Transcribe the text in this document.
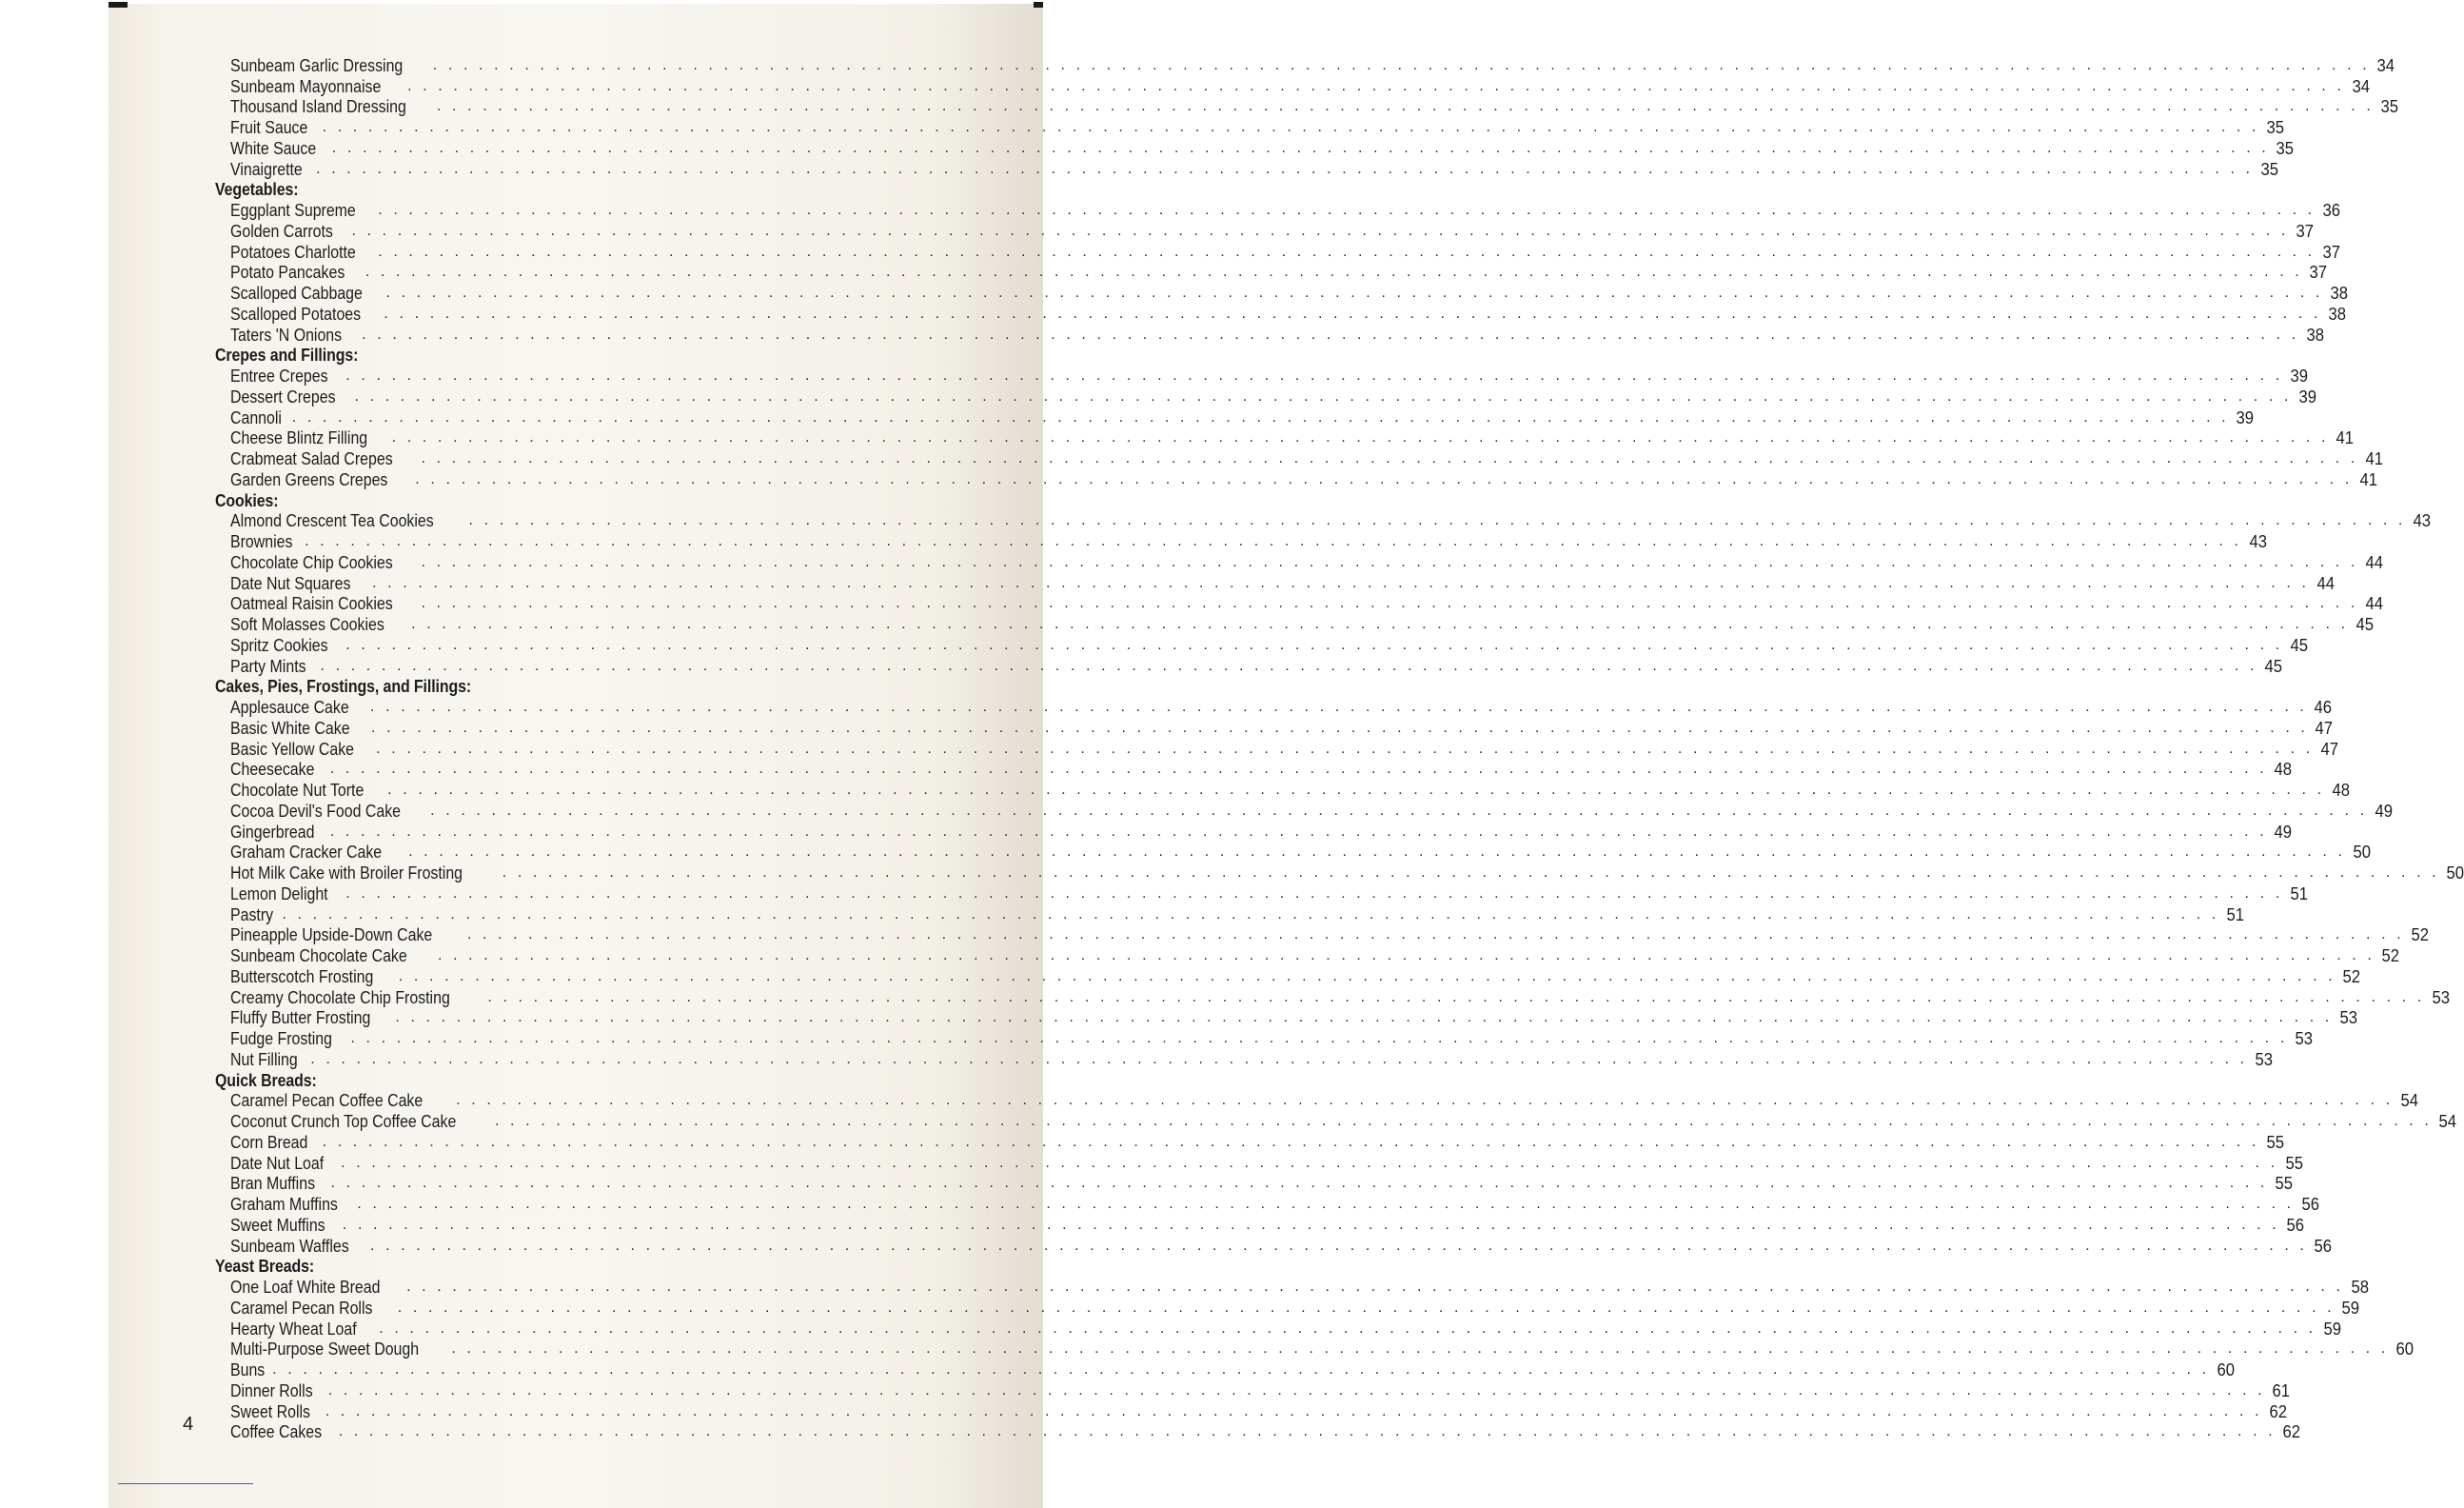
Sunbeam Garlic Dressing . . . . . . . . . . . . . . . . . . . . . . . . . . . . . . . . . . . . . . . . . . . . . . . . . . . . . . . . . . . . . . . . . . . . . . . . . . . . . . . . . . . . . . . . . . . . . . . . . . . . . . . . . . . . . . . . . . . . . . . . . . . . . . . 34
Sunbeam Mayonnaise . . . . . . . . . . . . . . . . . . . . . . . . . . . . . . . . . . . . . . . . . . . . . . . . . . . . . . . . . . . . . . . . . . . . . . . . . . . . . . . . . . . . . . . . . . . . . . . . . . . . . . . . . . . . . . . . . . . . . . . . . . . . . . . 34
Thousand Island Dressing . . . . . . . . . . . . . . . . . . . . . . . . . . . . . . . . . . . . . . . . . . . . . . . . . . . . . . . . . . . . . . . . . . . . . . . . . . . . . . . . . . . . . . . . . . . . . . . . . . . . . . . . . . . . . . . . . . . . . . . . . . . . . . . 35
Fruit Sauce . . . . . . . . . . . . . . . . . . . . . . . . . . . . . . . . . . . . . . . . . . . . . . . . . . . . . . . . . . . . . . . . . . . . . . . . . . . . . . . . . . . . . . . . . . . . . . . . . . . . . . . . . . . . . . . . . . . . . . . . . . . . . . . 35
White Sauce . . . . . . . . . . . . . . . . . . . . . . . . . . . . . . . . . . . . . . . . . . . . . . . . . . . . . . . . . . . . . . . . . . . . . . . . . . . . . . . . . . . . . . . . . . . . . . . . . . . . . . . . . . . . . . . . . . . . . . . . . . . . . . . 35
Vinaigrette . . . . . . . . . . . . . . . . . . . . . . . . . . . . . . . . . . . . . . . . . . . . . . . . . . . . . . . . . . . . . . . . . . . . . . . . . . . . . . . . . . . . . . . . . . . . . . . . . . . . . . . . . . . . . . . . . . . . . . . . . . . . . . . 35
Vegetables:
Eggplant Supreme . . . . . . . . . . . . . . . . . . . . . . . . . . . . . . . . . . . . . . . . . . . . . . . . . . . . . . . . . . . . . . . . . . . . . . . . . . . . . . . . . . . . . . . . . . . . . . . . . . . . . . . . . . . . . . . . . . . . . . . . . . . . . . . 36
Golden Carrots . . . . . . . . . . . . . . . . . . . . . . . . . . . . . . . . . . . . . . . . . . . . . . . . . . . . . . . . . . . . . . . . . . . . . . . . . . . . . . . . . . . . . . . . . . . . . . . . . . . . . . . . . . . . . . . . . . . . . . . . . . . . . . . 37
Potatoes Charlotte . . . . . . . . . . . . . . . . . . . . . . . . . . . . . . . . . . . . . . . . . . . . . . . . . . . . . . . . . . . . . . . . . . . . . . . . . . . . . . . . . . . . . . . . . . . . . . . . . . . . . . . . . . . . . . . . . . . . . . . . . . . . . . . 37
Potato Pancakes . . . . . . . . . . . . . . . . . . . . . . . . . . . . . . . . . . . . . . . . . . . . . . . . . . . . . . . . . . . . . . . . . . . . . . . . . . . . . . . . . . . . . . . . . . . . . . . . . . . . . . . . . . . . . . . . . . . . . . . . . . . . . . . 37
Scalloped Cabbage . . . . . . . . . . . . . . . . . . . . . . . . . . . . . . . . . . . . . . . . . . . . . . . . . . . . . . . . . . . . . . . . . . . . . . . . . . . . . . . . . . . . . . . . . . . . . . . . . . . . . . . . . . . . . . . . . . . . . . . . . . . . . . . 38
Scalloped Potatoes . . . . . . . . . . . . . . . . . . . . . . . . . . . . . . . . . . . . . . . . . . . . . . . . . . . . . . . . . . . . . . . . . . . . . . . . . . . . . . . . . . . . . . . . . . . . . . . . . . . . . . . . . . . . . . . . . . . . . . . . . . . . . . . 38
Taters 'N Onions . . . . . . . . . . . . . . . . . . . . . . . . . . . . . . . . . . . . . . . . . . . . . . . . . . . . . . . . . . . . . . . . . . . . . . . . . . . . . . . . . . . . . . . . . . . . . . . . . . . . . . . . . . . . . . . . . . . . . . . . . . . . . . . 38
Crepes and Fillings:
Entree Crepes . . . . . . . . . . . . . . . . . . . . . . . . . . . . . . . . . . . . . . . . . . . . . . . . . . . . . . . . . . . . . . . . . . . . . . . . . . . . . . . . . . . . . . . . . . . . . . . . . . . . . . . . . . . . . . . . . . . . . . . . . . . . . . . 39
Dessert Crepes . . . . . . . . . . . . . . . . . . . . . . . . . . . . . . . . . . . . . . . . . . . . . . . . . . . . . . . . . . . . . . . . . . . . . . . . . . . . . . . . . . . . . . . . . . . . . . . . . . . . . . . . . . . . . . . . . . . . . . . . . . . . . . . 39
Cannoli . . . . . . . . . . . . . . . . . . . . . . . . . . . . . . . . . . . . . . . . . . . . . . . . . . . . . . . . . . . . . . . . . . . . . . . . . . . . . . . . . . . . . . . . . . . . . . . . . . . . . . . . . . . . . . . . . . . . . . . . . . . . . . . 39
Cheese Blintz Filling . . . . . . . . . . . . . . . . . . . . . . . . . . . . . . . . . . . . . . . . . . . . . . . . . . . . . . . . . . . . . . . . . . . . . . . . . . . . . . . . . . . . . . . . . . . . . . . . . . . . . . . . . . . . . . . . . . . . . . . . . . . . . . . 41
Crabmeat Salad Crepes . . . . . . . . . . . . . . . . . . . . . . . . . . . . . . . . . . . . . . . . . . . . . . . . . . . . . . . . . . . . . . . . . . . . . . . . . . . . . . . . . . . . . . . . . . . . . . . . . . . . . . . . . . . . . . . . . . . . . . . . . . . . . . . 41
Garden Greens Crepes . . . . . . . . . . . . . . . . . . . . . . . . . . . . . . . . . . . . . . . . . . . . . . . . . . . . . . . . . . . . . . . . . . . . . . . . . . . . . . . . . . . . . . . . . . . . . . . . . . . . . . . . . . . . . . . . . . . . . . . . . . . . . . . 41
Cookies:
Almond Crescent Tea Cookies . . . . . . . . . . . . . . . . . . . . . . . . . . . . . . . . . . . . . . . . . . . . . . . . . . . . . . . . . . . . . . . . . . . . . . . . . . . . . . . . . . . . . . . . . . . . . . . . . . . . . . . . . . . . . . . . . . . . . . . . . . . . . . . 43
Brownies . . . . . . . . . . . . . . . . . . . . . . . . . . . . . . . . . . . . . . . . . . . . . . . . . . . . . . . . . . . . . . . . . . . . . . . . . . . . . . . . . . . . . . . . . . . . . . . . . . . . . . . . . . . . . . . . . . . . . . . . . . . . . . . 43
Chocolate Chip Cookies . . . . . . . . . . . . . . . . . . . . . . . . . . . . . . . . . . . . . . . . . . . . . . . . . . . . . . . . . . . . . . . . . . . . . . . . . . . . . . . . . . . . . . . . . . . . . . . . . . . . . . . . . . . . . . . . . . . . . . . . . . . . . . . 44
Date Nut Squares . . . . . . . . . . . . . . . . . . . . . . . . . . . . . . . . . . . . . . . . . . . . . . . . . . . . . . . . . . . . . . . . . . . . . . . . . . . . . . . . . . . . . . . . . . . . . . . . . . . . . . . . . . . . . . . . . . . . . . . . . . . . . . . 44
Oatmeal Raisin Cookies . . . . . . . . . . . . . . . . . . . . . . . . . . . . . . . . . . . . . . . . . . . . . . . . . . . . . . . . . . . . . . . . . . . . . . . . . . . . . . . . . . . . . . . . . . . . . . . . . . . . . . . . . . . . . . . . . . . . . . . . . . . . . . . 44
Soft Molasses Cookies . . . . . . . . . . . . . . . . . . . . . . . . . . . . . . . . . . . . . . . . . . . . . . . . . . . . . . . . . . . . . . . . . . . . . . . . . . . . . . . . . . . . . . . . . . . . . . . . . . . . . . . . . . . . . . . . . . . . . . . . . . . . . . . 45
Spritz Cookies . . . . . . . . . . . . . . . . . . . . . . . . . . . . . . . . . . . . . . . . . . . . . . . . . . . . . . . . . . . . . . . . . . . . . . . . . . . . . . . . . . . . . . . . . . . . . . . . . . . . . . . . . . . . . . . . . . . . . . . . . . . . . . . 45
Party Mints . . . . . . . . . . . . . . . . . . . . . . . . . . . . . . . . . . . . . . . . . . . . . . . . . . . . . . . . . . . . . . . . . . . . . . . . . . . . . . . . . . . . . . . . . . . . . . . . . . . . . . . . . . . . . . . . . . . . . . . . . . . . . . . 45
Cakes, Pies, Frostings, and Fillings:
Applesauce Cake . . . . . . . . . . . . . . . . . . . . . . . . . . . . . . . . . . . . . . . . . . . . . . . . . . . . . . . . . . . . . . . . . . . . . . . . . . . . . . . . . . . . . . . . . . . . . . . . . . . . . . . . . . . . . . . . . . . . . . . . . . . . . . . 46
Basic White Cake . . . . . . . . . . . . . . . . . . . . . . . . . . . . . . . . . . . . . . . . . . . . . . . . . . . . . . . . . . . . . . . . . . . . . . . . . . . . . . . . . . . . . . . . . . . . . . . . . . . . . . . . . . . . . . . . . . . . . . . . . . . . . . . 47
Basic Yellow Cake . . . . . . . . . . . . . . . . . . . . . . . . . . . . . . . . . . . . . . . . . . . . . . . . . . . . . . . . . . . . . . . . . . . . . . . . . . . . . . . . . . . . . . . . . . . . . . . . . . . . . . . . . . . . . . . . . . . . . . . . . . . . . . . 47
Cheesecake . . . . . . . . . . . . . . . . . . . . . . . . . . . . . . . . . . . . . . . . . . . . . . . . . . . . . . . . . . . . . . . . . . . . . . . . . . . . . . . . . . . . . . . . . . . . . . . . . . . . . . . . . . . . . . . . . . . . . . . . . . . . . . . 48
Chocolate Nut Torte . . . . . . . . . . . . . . . . . . . . . . . . . . . . . . . . . . . . . . . . . . . . . . . . . . . . . . . . . . . . . . . . . . . . . . . . . . . . . . . . . . . . . . . . . . . . . . . . . . . . . . . . . . . . . . . . . . . . . . . . . . . . . . . 48
Cocoa Devil's Food Cake . . . . . . . . . . . . . . . . . . . . . . . . . . . . . . . . . . . . . . . . . . . . . . . . . . . . . . . . . . . . . . . . . . . . . . . . . . . . . . . . . . . . . . . . . . . . . . . . . . . . . . . . . . . . . . . . . . . . . . . . . . . . . . . 49
Gingerbread . . . . . . . . . . . . . . . . . . . . . . . . . . . . . . . . . . . . . . . . . . . . . . . . . . . . . . . . . . . . . . . . . . . . . . . . . . . . . . . . . . . . . . . . . . . . . . . . . . . . . . . . . . . . . . . . . . . . . . . . . . . . . . . 49
Graham Cracker Cake . . . . . . . . . . . . . . . . . . . . . . . . . . . . . . . . . . . . . . . . . . . . . . . . . . . . . . . . . . . . . . . . . . . . . . . . . . . . . . . . . . . . . . . . . . . . . . . . . . . . . . . . . . . . . . . . . . . . . . . . . . . . . . . 50
Hot Milk Cake with Broiler Frosting	. . . . . . . . . . . . . . . . . . . . . . . . . . . . . . . . . . . . . . . . . . . . . . . . . . . . . . . . . . . . . . . . . . . . . . . . . . . . . . . . . . . . . . . . . . . . . . . . . . . . . . . . . . . . . . . . . . . . . . . . . . . . . . . 50
Lemon Delight . . . . . . . . . . . . . . . . . . . . . . . . . . . . . . . . . . . . . . . . . . . . . . . . . . . . . . . . . . . . . . . . . . . . . . . . . . . . . . . . . . . . . . . . . . . . . . . . . . . . . . . . . . . . . . . . . . . . . . . . . . . . . . . 51
Pastry . . . . . . . . . . . . . . . . . . . . . . . . . . . . . . . . . . . . . . . . . . . . . . . . . . . . . . . . . . . . . . . . . . . . . . . . . . . . . . . . . . . . . . . . . . . . . . . . . . . . . . . . . . . . . . . . . . . . . . . . . . . . . . . 51
Pineapple Upside-Down Cake . . . . . . . . . . . . . . . . . . . . . . . . . . . . . . . . . . . . . . . . . . . . . . . . . . . . . . . . . . . . . . . . . . . . . . . . . . . . . . . . . . . . . . . . . . . . . . . . . . . . . . . . . . . . . . . . . . . . . . . . . . . . . . . 52
Sunbeam Chocolate Cake . . . . . . . . . . . . . . . . . . . . . . . . . . . . . . . . . . . . . . . . . . . . . . . . . . . . . . . . . . . . . . . . . . . . . . . . . . . . . . . . . . . . . . . . . . . . . . . . . . . . . . . . . . . . . . . . . . . . . . . . . . . . . . . 52
Butterscotch Frosting . . . . . . . . . . . . . . . . . . . . . . . . . . . . . . . . . . . . . . . . . . . . . . . . . . . . . . . . . . . . . . . . . . . . . . . . . . . . . . . . . . . . . . . . . . . . . . . . . . . . . . . . . . . . . . . . . . . . . . . . . . . . . . . 52
Creamy Chocolate Chip Frosting . . . . . . . . . . . . . . . . . . . . . . . . . . . . . . . . . . . . . . . . . . . . . . . . . . . . . . . . . . . . . . . . . . . . . . . . . . . . . . . . . . . . . . . . . . . . . . . . . . . . . . . . . . . . . . . . . . . . . . . . . . . . . . . 53
Fluffy Butter Frosting . . . . . . . . . . . . . . . . . . . . . . . . . . . . . . . . . . . . . . . . . . . . . . . . . . . . . . . . . . . . . . . . . . . . . . . . . . . . . . . . . . . . . . . . . . . . . . . . . . . . . . . . . . . . . . . . . . . . . . . . . . . . . . . 53
Fudge Frosting . . . . . . . . . . . . . . . . . . . . . . . . . . . . . . . . . . . . . . . . . . . . . . . . . . . . . . . . . . . . . . . . . . . . . . . . . . . . . . . . . . . . . . . . . . . . . . . . . . . . . . . . . . . . . . . . . . . . . . . . . . . . . . . 53
Nut Filling . . . . . . . . . . . . . . . . . . . . . . . . . . . . . . . . . . . . . . . . . . . . . . . . . . . . . . . . . . . . . . . . . . . . . . . . . . . . . . . . . . . . . . . . . . . . . . . . . . . . . . . . . . . . . . . . . . . . . . . . . . . . . . . 53
Quick Breads:
Caramel Pecan Coffee Cake . . . . . . . . . . . . . . . . . . . . . . . . . . . . . . . . . . . . . . . . . . . . . . . . . . . . . . . . . . . . . . . . . . . . . . . . . . . . . . . . . . . . . . . . . . . . . . . . . . . . . . . . . . . . . . . . . . . . . . . . . . . . . . . 54
Coconut Crunch Top Coffee Cake	. . . . . . . . . . . . . . . . . . . . . . . . . . . . . . . . . . . . . . . . . . . . . . . . . . . . . . . . . . . . . . . . . . . . . . . . . . . . . . . . . . . . . . . . . . . . . . . . . . . . . . . . . . . . . . . . . . . . . . . . . . . . . . . 54
Corn Bread . . . . . . . . . . . . . . . . . . . . . . . . . . . . . . . . . . . . . . . . . . . . . . . . . . . . . . . . . . . . . . . . . . . . . . . . . . . . . . . . . . . . . . . . . . . . . . . . . . . . . . . . . . . . . . . . . . . . . . . . . . . . . . . 55
Date Nut Loaf . . . . . . . . . . . . . . . . . . . . . . . . . . . . . . . . . . . . . . . . . . . . . . . . . . . . . . . . . . . . . . . . . . . . . . . . . . . . . . . . . . . . . . . . . . . . . . . . . . . . . . . . . . . . . . . . . . . . . . . . . . . . . . . 55
Bran Muffins . . . . . . . . . . . . . . . . . . . . . . . . . . . . . . . . . . . . . . . . . . . . . . . . . . . . . . . . . . . . . . . . . . . . . . . . . . . . . . . . . . . . . . . . . . . . . . . . . . . . . . . . . . . . . . . . . . . . . . . . . . . . . . . 55
Graham Muffins . . . . . . . . . . . . . . . . . . . . . . . . . . . . . . . . . . . . . . . . . . . . . . . . . . . . . . . . . . . . . . . . . . . . . . . . . . . . . . . . . . . . . . . . . . . . . . . . . . . . . . . . . . . . . . . . . . . . . . . . . . . . . . . 56
Sweet Muffins . . . . . . . . . . . . . . . . . . . . . . . . . . . . . . . . . . . . . . . . . . . . . . . . . . . . . . . . . . . . . . . . . . . . . . . . . . . . . . . . . . . . . . . . . . . . . . . . . . . . . . . . . . . . . . . . . . . . . . . . . . . . . . . 56
Sunbeam Waffles . . . . . . . . . . . . . . . . . . . . . . . . . . . . . . . . . . . . . . . . . . . . . . . . . . . . . . . . . . . . . . . . . . . . . . . . . . . . . . . . . . . . . . . . . . . . . . . . . . . . . . . . . . . . . . . . . . . . . . . . . . . . . . . 56
Yeast Breads:
One Loaf White Bread . . . . . . . . . . . . . . . . . . . . . . . . . . . . . . . . . . . . . . . . . . . . . . . . . . . . . . . . . . . . . . . . . . . . . . . . . . . . . . . . . . . . . . . . . . . . . . . . . . . . . . . . . . . . . . . . . . . . . . . . . . . . . . . 58
Caramel Pecan Rolls . . . . . . . . . . . . . . . . . . . . . . . . . . . . . . . . . . . . . . . . . . . . . . . . . . . . . . . . . . . . . . . . . . . . . . . . . . . . . . . . . . . . . . . . . . . . . . . . . . . . . . . . . . . . . . . . . . . . . . . . . . . . . . . 59
Hearty Wheat Loaf . . . . . . . . . . . . . . . . . . . . . . . . . . . . . . . . . . . . . . . . . . . . . . . . . . . . . . . . . . . . . . . . . . . . . . . . . . . . . . . . . . . . . . . . . . . . . . . . . . . . . . . . . . . . . . . . . . . . . . . . . . . . . . . 59
Multi-Purpose Sweet Dough . . . . . . . . . . . . . . . . . . . . . . . . . . . . . . . . . . . . . . . . . . . . . . . . . . . . . . . . . . . . . . . . . . . . . . . . . . . . . . . . . . . . . . . . . . . . . . . . . . . . . . . . . . . . . . . . . . . . . . . . . . . . . . . 60
Buns . . . . . . . . . . . . . . . . . . . . . . . . . . . . . . . . . . . . . . . . . . . . . . . . . . . . . . . . . . . . . . . . . . . . . . . . . . . . . . . . . . . . . . . . . . . . . . . . . . . . . . . . . . . . . . . . . . . . . . . . . . . . . . . 60
Dinner Rolls . . . . . . . . . . . . . . . . . . . . . . . . . . . . . . . . . . . . . . . . . . . . . . . . . . . . . . . . . . . . . . . . . . . . . . . . . . . . . . . . . . . . . . . . . . . . . . . . . . . . . . . . . . . . . . . . . . . . . . . . . . . . . . . 61
Sweet Rolls . . . . . . . . . . . . . . . . . . . . . . . . . . . . . . . . . . . . . . . . . . . . . . . . . . . . . . . . . . . . . . . . . . . . . . . . . . . . . . . . . . . . . . . . . . . . . . . . . . . . . . . . . . . . . . . . . . . . . . . . . . . . . . . 62
Coffee Cakes . . . . . . . . . . . . . . . . . . . . . . . . . . . . . . . . . . . . . . . . . . . . . . . . . . . . . . . . . . . . . . . . . . . . . . . . . . . . . . . . . . . . . . . . . . . . . . . . . . . . . . . . . . . . . . . . . . . . . . . . . . . . . . . 62
4
